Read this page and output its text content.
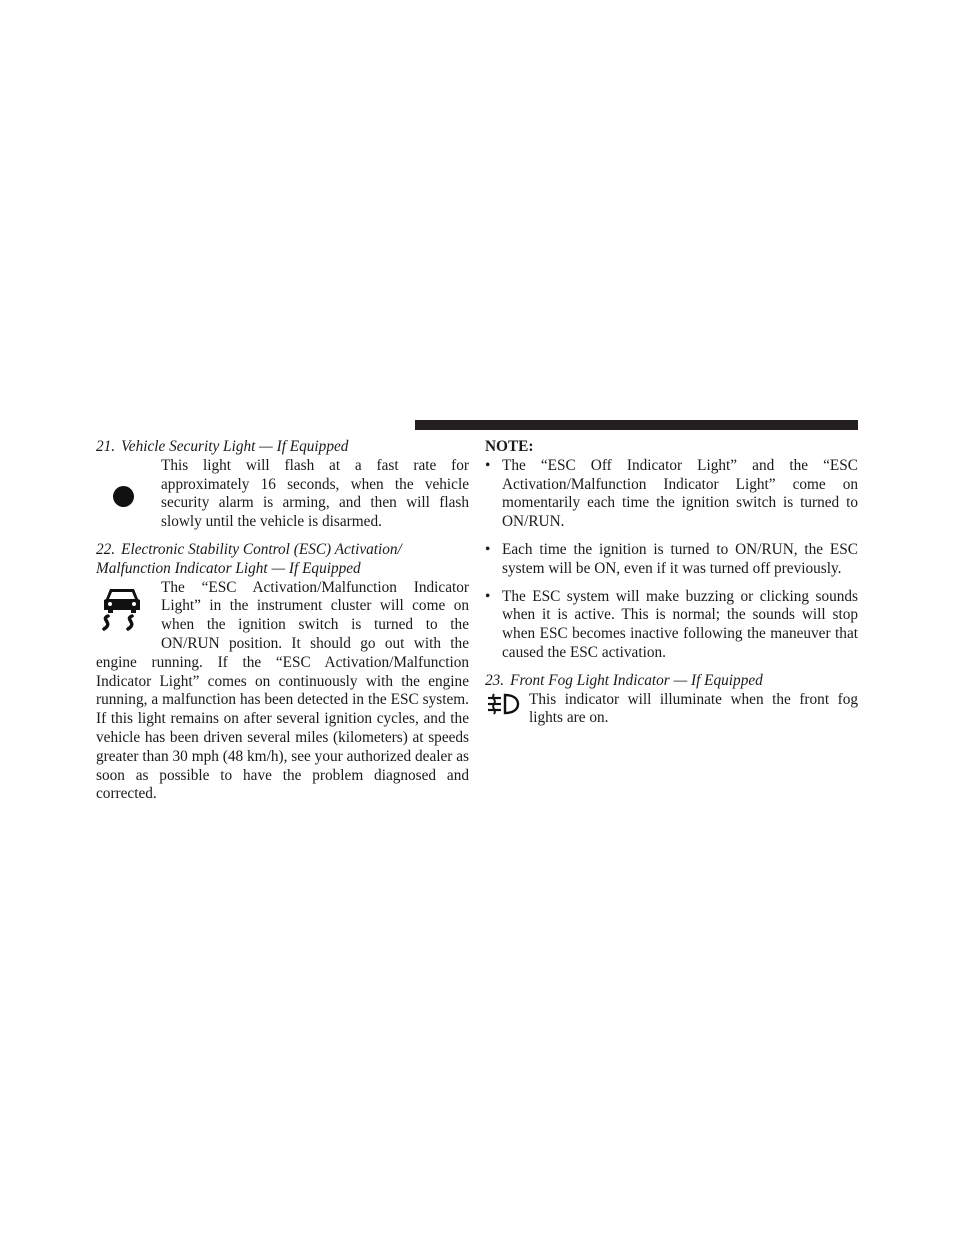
21. Vehicle Security Light — If Equipped

This light will flash at a fast rate for approximately 16 seconds, when the vehicle security alarm is arming, and then will flash slowly until the vehicle is disarmed.

22. Electronic Stability Control (ESC) Activation/

Malfunction Indicator Light — If Equipped

The “ESC Activation/Malfunction Indicator Light” in the instrument cluster will come on when the ignition switch is turned to the ON/RUN position. It should go out with the engine running. If the “ESC Activation/Malfunction Indicator Light” comes on continuously with the engine running, a malfunction has been detected in the ESC system. If this light remains on after several ignition cycles, and the vehicle has been driven several miles (kilometers) at speeds greater than 30 mph (48 km/h), see your authorized dealer as soon as possible to have the problem diagnosed and corrected.

NOTE:

• The “ESC Off Indicator Light” and the “ESC Activation/Malfunction Indicator Light” come on momentarily each time the ignition switch is turned to ON/RUN.
• Each time the ignition is turned to ON/RUN, the ESC system will be ON, even if it was turned off previously.
• The ESC system will make buzzing or clicking sounds when it is active. This is normal; the sounds will stop when ESC becomes inactive following the maneuver that caused the ESC activation.

23. Front Fog Light Indicator — If Equipped

This indicator will illuminate when the front fog lights are on.
